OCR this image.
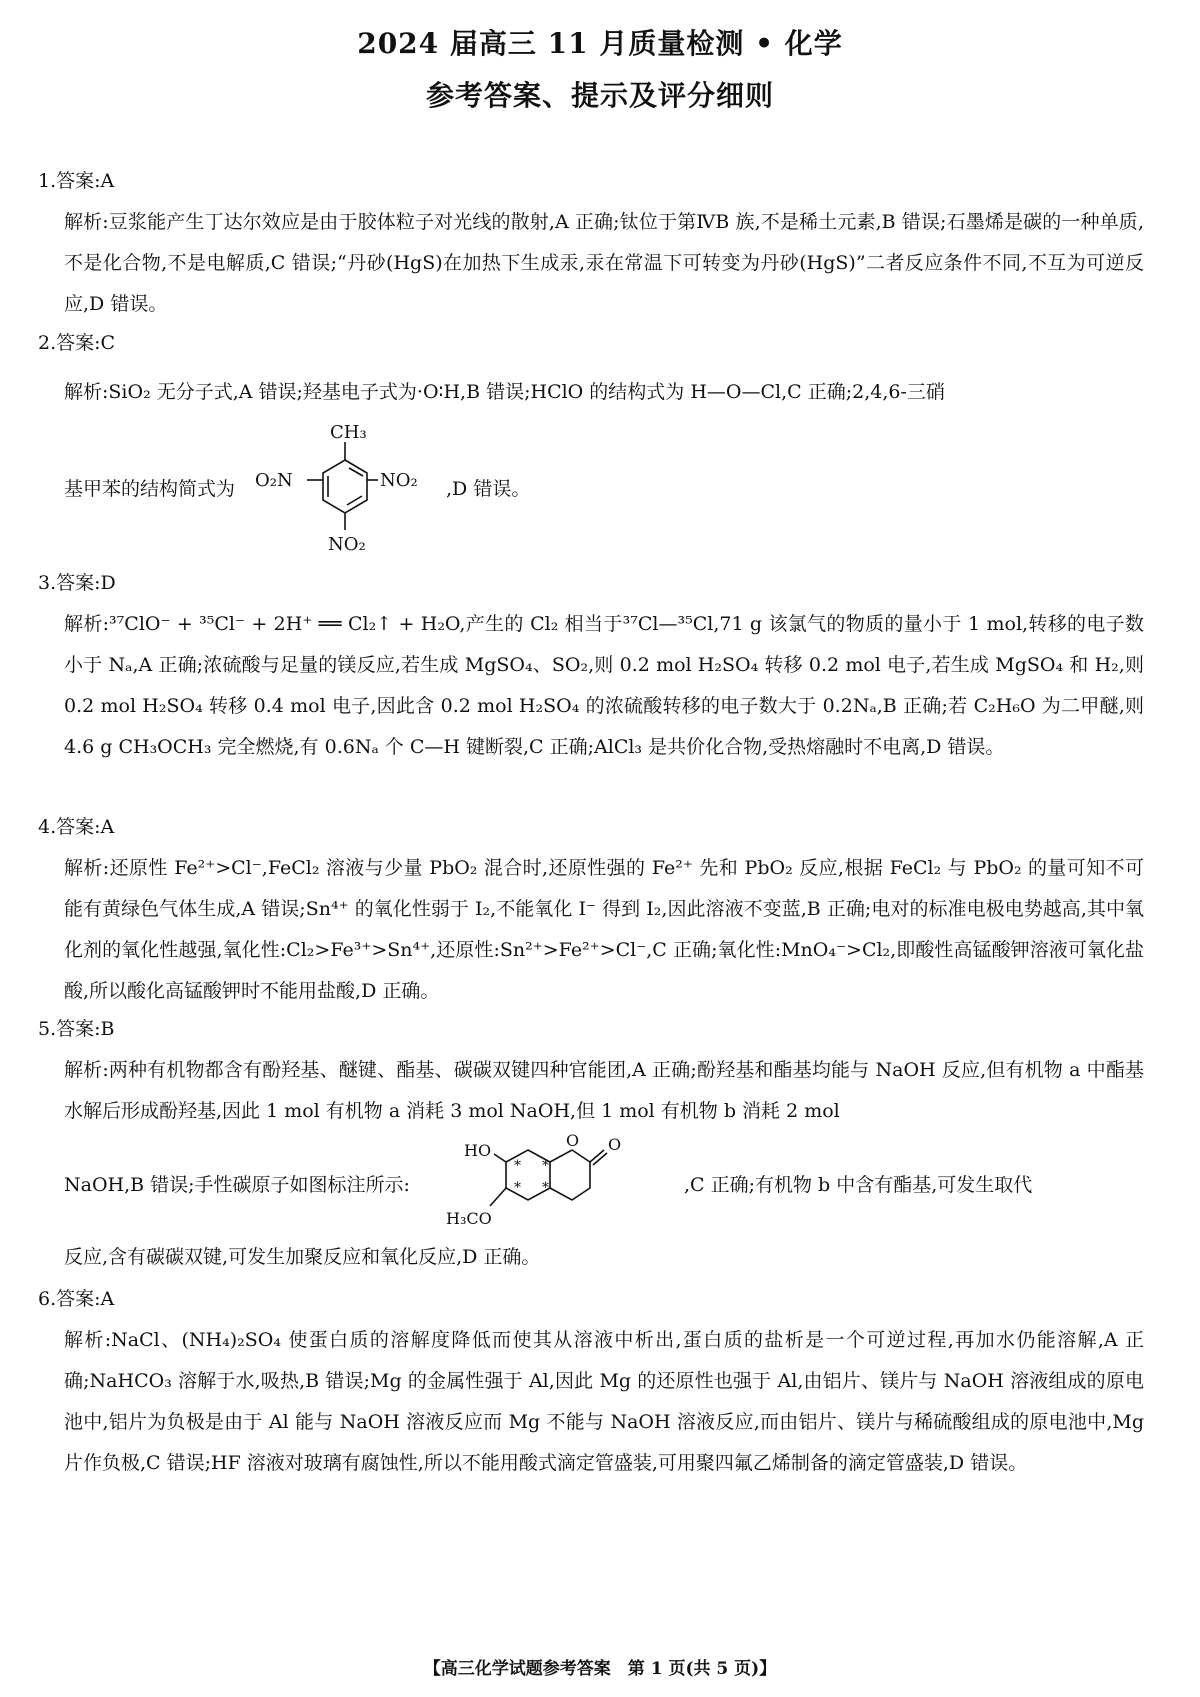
2024 届高三 11 月质量检测 • 化学
参考答案、提示及评分细则
1.答案:A
解析:豆浆能产生丁达尔效应是由于胶体粒子对光线的散射,A 正确;钛位于第ⅣB 族,不是稀土元素,B 错误;石墨烯是碳的一种单质,不是化合物,不是电解质,C 错误;“丹砂(HgS)在加热下生成汞,汞在常温下可转变为丹砂(HgS)”二者反应条件不同,不互为可逆反应,D 错误。
2.答案:C
解析:SiO₂ 无分子式,A 错误;羟基电子式为·O∶H,B 错误;HClO 的结构式为 H—O—Cl,C 正确;2,4,6-三硝
基甲苯的结构简式为
CH₃
O₂N	NO₂
NO₂
,D 错误。
3.答案:D
解析:³⁷ClO⁻ + ³⁵Cl⁻ + 2H⁺ ══ Cl₂↑ + H₂O,产生的 Cl₂ 相当于³⁷Cl—³⁵Cl,71 g 该氯气的物质的量小于 1 mol,转移的电子数小于 Nₐ,A 正确;浓硫酸与足量的镁反应,若生成 MgSO₄、SO₂,则 0.2 mol H₂SO₄ 转移 0.2 mol 电子,若生成 MgSO₄ 和 H₂,则 0.2 mol H₂SO₄ 转移 0.4 mol 电子,因此含 0.2 mol H₂SO₄ 的浓硫酸转移的电子数大于 0.2Nₐ,B 正确;若 C₂H₆O 为二甲醚,则 4.6 g CH₃OCH₃ 完全燃烧,有 0.6Nₐ 个 C—H 键断裂,C 正确;AlCl₃ 是共价化合物,受热熔融时不电离,D 错误。
4.答案:A
解析:还原性 Fe²⁺>Cl⁻,FeCl₂ 溶液与少量 PbO₂ 混合时,还原性强的 Fe²⁺ 先和 PbO₂ 反应,根据 FeCl₂ 与 PbO₂ 的量可知不可能有黄绿色气体生成,A 错误;Sn⁴⁺ 的氧化性弱于 I₂,不能氧化 I⁻ 得到 I₂,因此溶液不变蓝,B 正确;电对的标准电极电势越高,其中氧化剂的氧化性越强,氧化性:Cl₂>Fe³⁺>Sn⁴⁺,还原性:Sn²⁺>Fe²⁺>Cl⁻,C 正确;氧化性:MnO₄⁻>Cl₂,即酸性高锰酸钾溶液可氧化盐酸,所以酸化高锰酸钾时不能用盐酸,D 正确。
5.答案:B
解析:两种有机物都含有酚羟基、醚键、酯基、碳碳双键四种官能团,A 正确;酚羟基和酯基均能与 NaOH 反应,但有机物 a 中酯基水解后形成酚羟基,因此 1 mol 有机物 a 消耗 3 mol NaOH,但 1 mol 有机物 b 消耗 2 mol
NaOH,B 错误;手性碳原子如图标注所示:
HO
O O
H₃CO
*
*
*
*	,C 正确;有机物 b 中含有酯基,可发生取代
反应,含有碳碳双键,可发生加聚反应和氧化反应,D 正确。
6.答案:A
解析:NaCl、(NH₄)₂SO₄ 使蛋白质的溶解度降低而使其从溶液中析出,蛋白质的盐析是一个可逆过程,再加水仍能溶解,A 正确;NaHCO₃ 溶解于水,吸热,B 错误;Mg 的金属性强于 Al,因此 Mg 的还原性也强于 Al,由铝片、镁片与 NaOH 溶液组成的原电池中,铝片为负极是由于 Al 能与 NaOH 溶液反应而 Mg 不能与 NaOH 溶液反应,而由铝片、镁片与稀硫酸组成的原电池中,Mg 片作负极,C 错误;HF 溶液对玻璃有腐蚀性,所以不能用酸式滴定管盛装,可用聚四氟乙烯制备的滴定管盛装,D 错误。
【高三化学试题参考答案　第 1 页(共 5 页)】
